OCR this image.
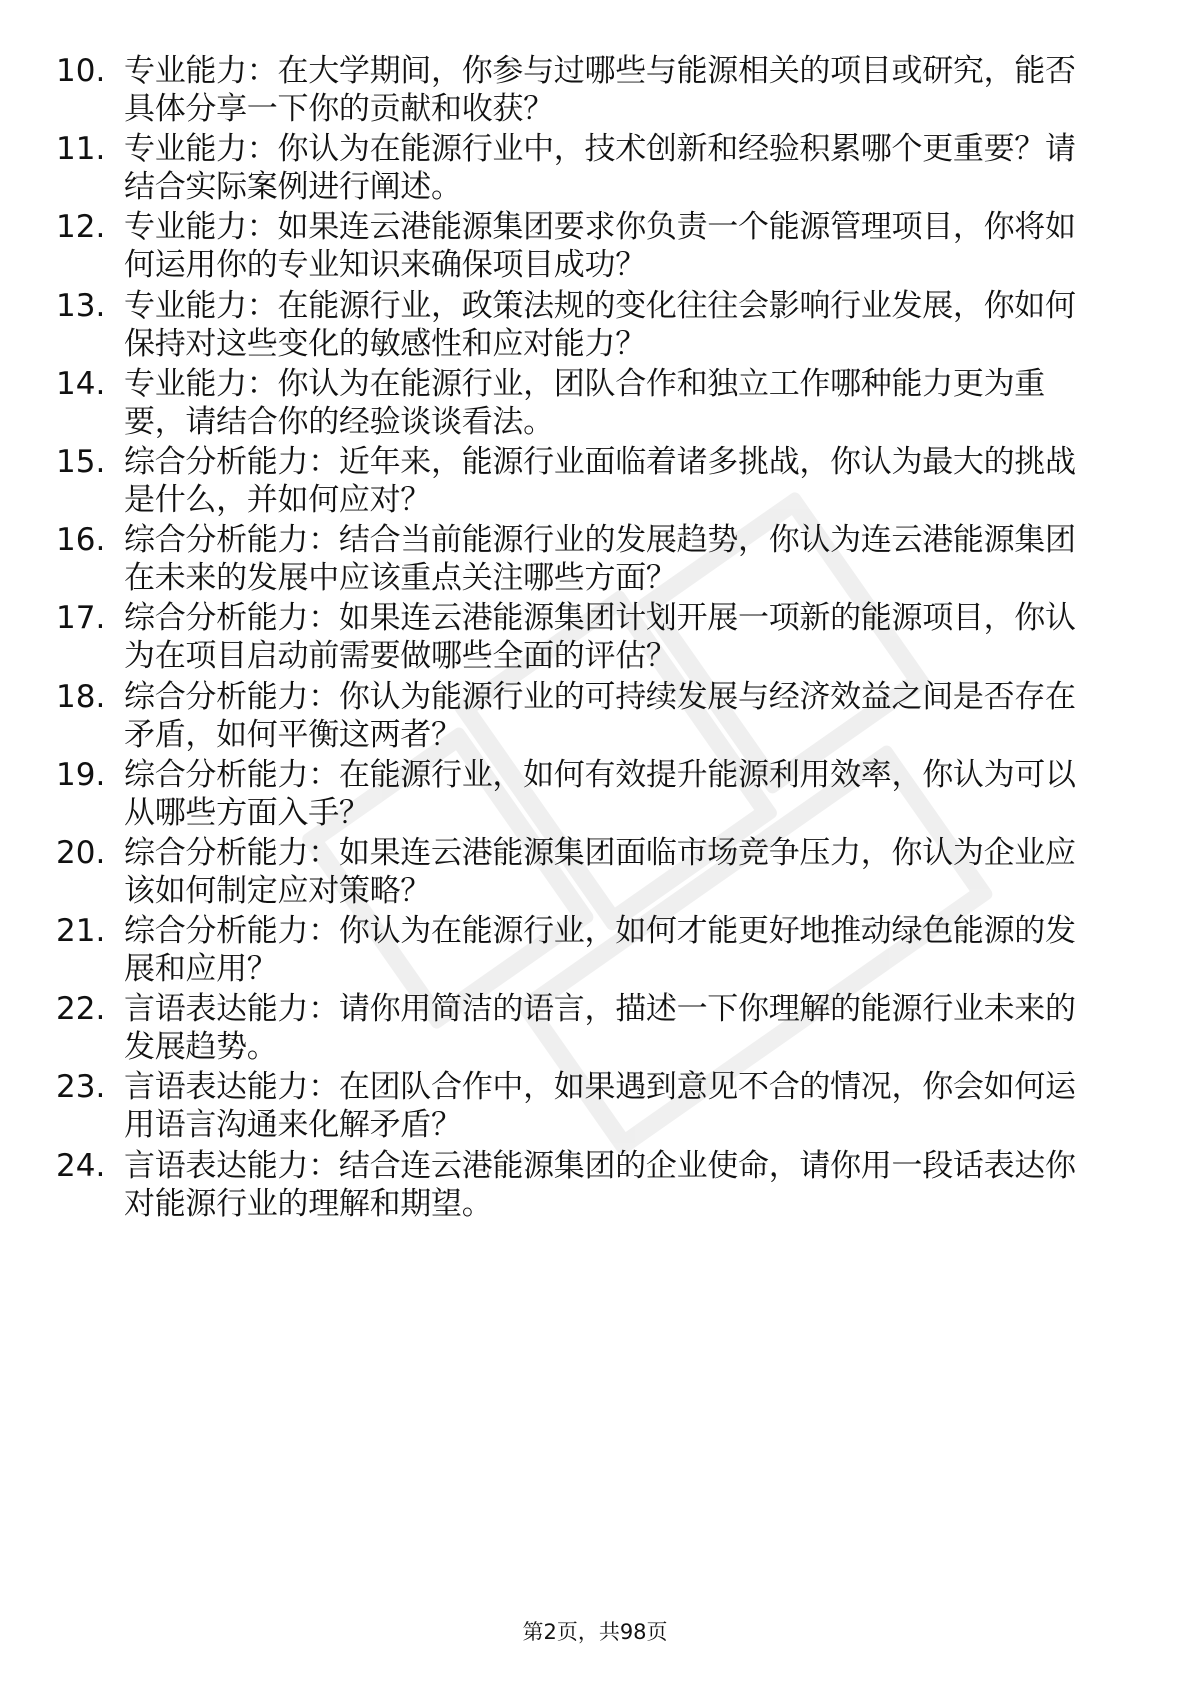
10. 专业能力：在大学期间，你参与过哪些与能源相关的项目或研究，能否具体分享一下你的贡献和收获？
11. 专业能力：你认为在能源行业中，技术创新和经验积累哪个更重要？请结合实际案例进行阐述。
12. 专业能力：如果连云港能源集团要求你负责一个能源管理项目，你将如何运用你的专业知识来确保项目成功？
13. 专业能力：在能源行业，政策法规的变化往往会影响行业发展，你如何保持对这些变化的敏感性和应对能力？
14. 专业能力：你认为在能源行业，团队合作和独立工作哪种能力更为重要，请结合你的经验谈谈看法。
15. 综合分析能力：近年来，能源行业面临着诸多挑战，你认为最大的挑战是什么，并如何应对？
16. 综合分析能力：结合当前能源行业的发展趋势，你认为连云港能源集团在未来的发展中应该重点关注哪些方面？
17. 综合分析能力：如果连云港能源集团计划开展一项新的能源项目，你认为在项目启动前需要做哪些全面的评估？
18. 综合分析能力：你认为能源行业的可持续发展与经济效益之间是否存在矛盾，如何平衡这两者？
19. 综合分析能力：在能源行业，如何有效提升能源利用效率，你认为可以从哪些方面入手？
20. 综合分析能力：如果连云港能源集团面临市场竞争压力，你认为企业应该如何制定应对策略？
21. 综合分析能力：你认为在能源行业，如何才能更好地推动绿色能源的发展和应用？
22. 言语表达能力：请你用简洁的语言，描述一下你理解的能源行业未来的发展趋势。
23. 言语表达能力：在团队合作中，如果遇到意见不合的情况，你会如何运用语言沟通来化解矛盾？
24. 言语表达能力：结合连云港能源集团的企业使命，请你用一段话表达你对能源行业的理解和期望。
第2页，共98页
